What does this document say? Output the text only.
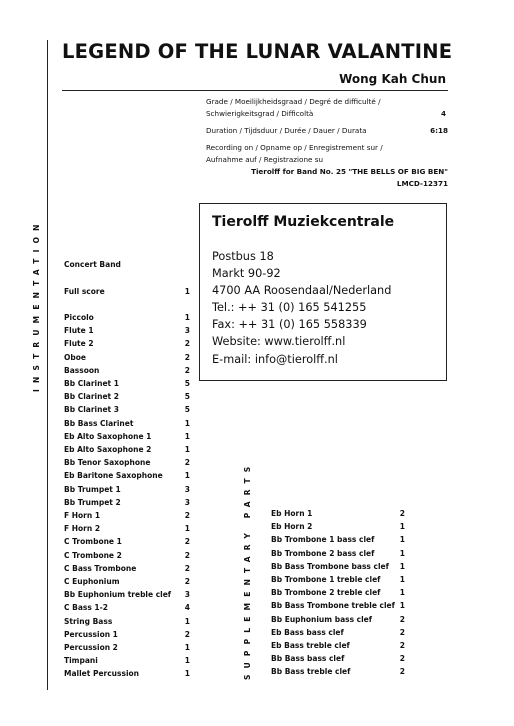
LEGEND OF THE LUNAR VALANTINE
Wong Kah Chun
Grade / Moeilijkheidsgraad / Degré de difficulté /
Schwierigkeitsgrad / Difficoltà	4
Duration / Tijdsduur / Durée / Dauer / Durata	6:18
Recording on / Opname op / Enregistrement sur /
Aufnahme auf / Registrazione su
Tierolff for Band No. 25 "THE BELLS OF BIG BEN"
LMCD-12371
Tierolff Muziekcentrale
Postbus 18
Markt 90-92
4700 AA Roosendaal/Nederland
Tel.: ++ 31 (0) 165 541255
Fax: ++ 31 (0) 165 558339
Website: www.tierolff.nl
E-mail: info@tierolff.nl
INSTRUMENTATION
SUPPLEMENTARY PARTS
Concert Band
Full score	1
Piccolo	1
Flute 1	3
Flute 2	2
Oboe	2
Bassoon	2
Bb Clarinet 1	5
Bb Clarinet 2	5
Bb Clarinet 3	5
Bb Bass Clarinet	1
Eb Alto Saxophone 1	1
Eb Alto Saxophone 2	1
Bb Tenor Saxophone	2
Eb Baritone Saxophone	1
Bb Trumpet 1	3
Bb Trumpet 2	3
F Horn 1	2
F Horn 2	1
C Trombone 1	2
C Trombone 2	2
C Bass Trombone	2
C Euphonium	2
Bb Euphonium treble clef	3
C Bass 1-2	4
String Bass	1
Percussion 1	2
Percussion 2	1
Timpani	1
Mallet Percussion	1
Eb Horn 1	2
Eb Horn 2	1
Bb Trombone 1 bass clef	1
Bb Trombone 2 bass clef	1
Bb Bass Trombone bass clef	1
Bb Trombone 1 treble clef	1
Bb Trombone 2 treble clef	1
Bb Bass Trombone treble clef 1
Bb Euphonium bass clef	2
Eb Bass bass clef	2
Eb Bass treble clef	2
Bb Bass bass clef	2
Bb Bass treble clef	2
